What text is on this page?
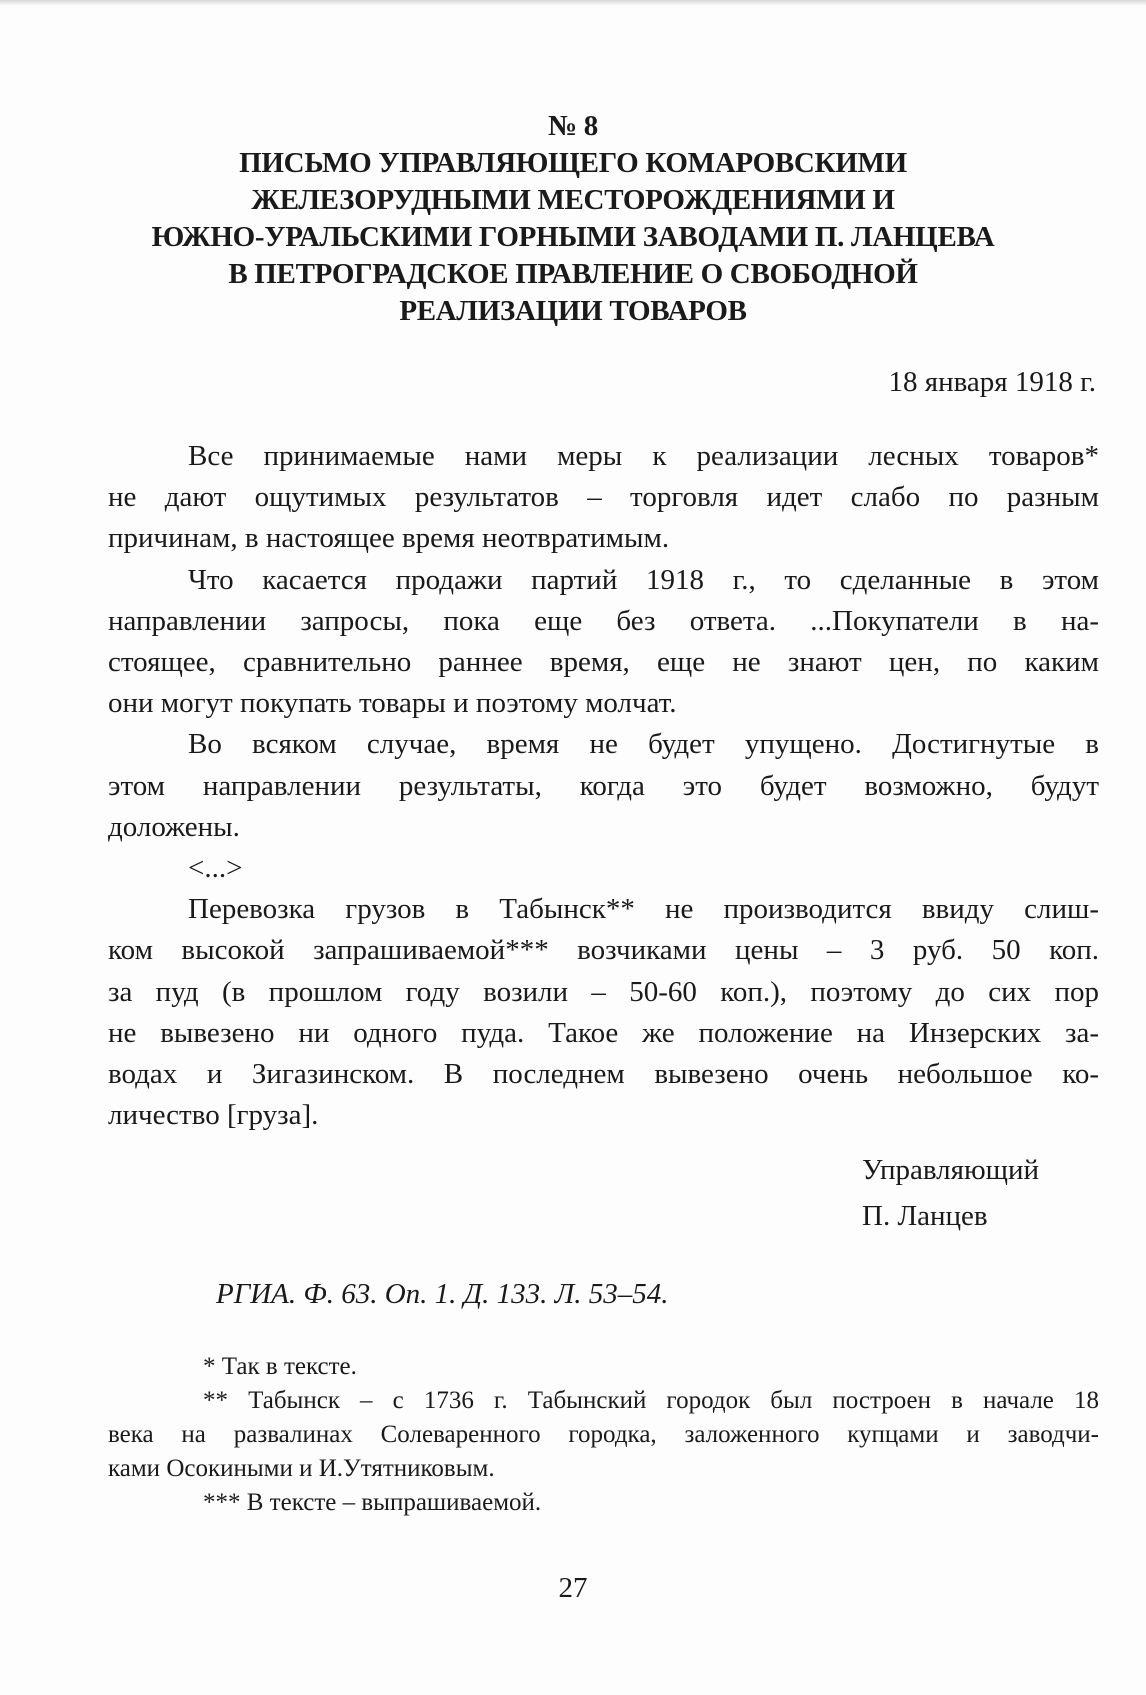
№ 8
ПИСЬМО УПРАВЛЯЮЩЕГО КОМАРОВСКИМИ
ЖЕЛЕЗОРУДНЫМИ МЕСТОРОЖДЕНИЯМИ И
ЮЖНО-УРАЛЬСКИМИ ГОРНЫМИ ЗАВОДАМИ П. ЛАНЦЕВА
В ПЕТРОГРАДСКОЕ ПРАВЛЕНИЕ О СВОБОДНОЙ
РЕАЛИЗАЦИИ ТОВАРОВ
18 января 1918 г.
Все принимаемые нами меры к реализации лесных товаров*
не дают ощутимых результатов – торговля идет слабо по разным
причинам, в настоящее время неотвратимым.
Что касается продажи партий 1918 г., то сделанные в этом
направлении запросы, пока еще без ответа. ...Покупатели в на-
стоящее, сравнительно раннее время, еще не знают цен, по каким
они могут покупать товары и поэтому молчат.
Во всяком случае, время не будет упущено. Достигнутые в
этом направлении результаты, когда это будет возможно, будут
доложены.
<...>
Перевозка грузов в Табынск** не производится ввиду слиш-
ком высокой запрашиваемой*** возчиками цены – 3 руб. 50 коп.
за пуд (в прошлом году возили – 50-60 коп.), поэтому до сих пор
не вывезено ни одного пуда. Такое же положение на Инзерских за-
водах и Зигазинском. В последнем вывезено очень небольшое ко-
личество [груза].
Управляющий
П. Ланцев
РГИА. Ф. 63. Оп. 1. Д. 133. Л. 53–54.
* Так в тексте.
** Табынск – с 1736 г. Табынский городок был построен в начале 18
века на развалинах Солеваренного городка, заложенного купцами и заводчи-
ками Осокиными и И.Утятниковым.
*** В тексте – выпрашиваемой.
27
